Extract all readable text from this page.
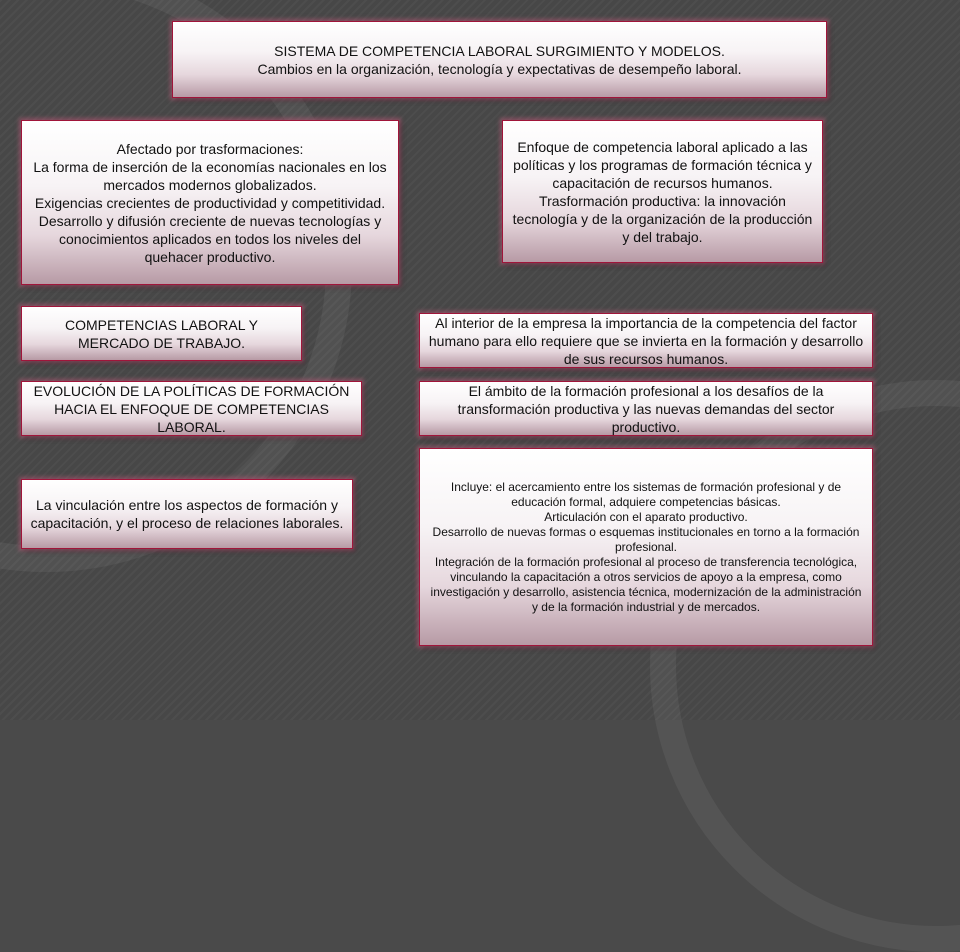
SISTEMA DE COMPETENCIA LABORAL SURGIMIENTO Y MODELOS.
Cambios en la organización, tecnología y expectativas de desempeño laboral.
Afectado por trasformaciones:
La forma de inserción de la economías nacionales en los mercados modernos globalizados.
Exigencias crecientes de productividad y competitividad.
Desarrollo y difusión creciente de nuevas tecnologías y conocimientos aplicados en todos los niveles del quehacer productivo.
Enfoque de competencia laboral aplicado a las políticas y los programas de formación técnica y capacitación de recursos humanos.
Trasformación productiva: la innovación tecnología y de la organización de la producción y del trabajo.
COMPETENCIAS LABORAL Y MERCADO DE TRABAJO.
Al interior de la empresa la importancia de la competencia del factor humano para ello requiere que se invierta en la formación y desarrollo de sus recursos humanos.
EVOLUCIÓN DE LA POLÍTICAS DE FORMACIÓN HACIA EL ENFOQUE DE COMPETENCIAS LABORAL.
El ámbito de la formación profesional a los desafíos de la transformación productiva y las nuevas demandas del sector productivo.
La vinculación entre los aspectos de formación y capacitación, y el proceso de relaciones laborales.
Incluye: el acercamiento entre los sistemas de formación profesional y de educación formal, adquiere competencias básicas.
Articulación con el aparato productivo.
Desarrollo de nuevas formas o esquemas institucionales en torno a la formación profesional.
Integración de la formación profesional al proceso de transferencia tecnológica, vinculando la capacitación a otros servicios de apoyo a la empresa, como investigación y desarrollo, asistencia técnica, modernización de la administración y de la formación industrial y de mercados.
